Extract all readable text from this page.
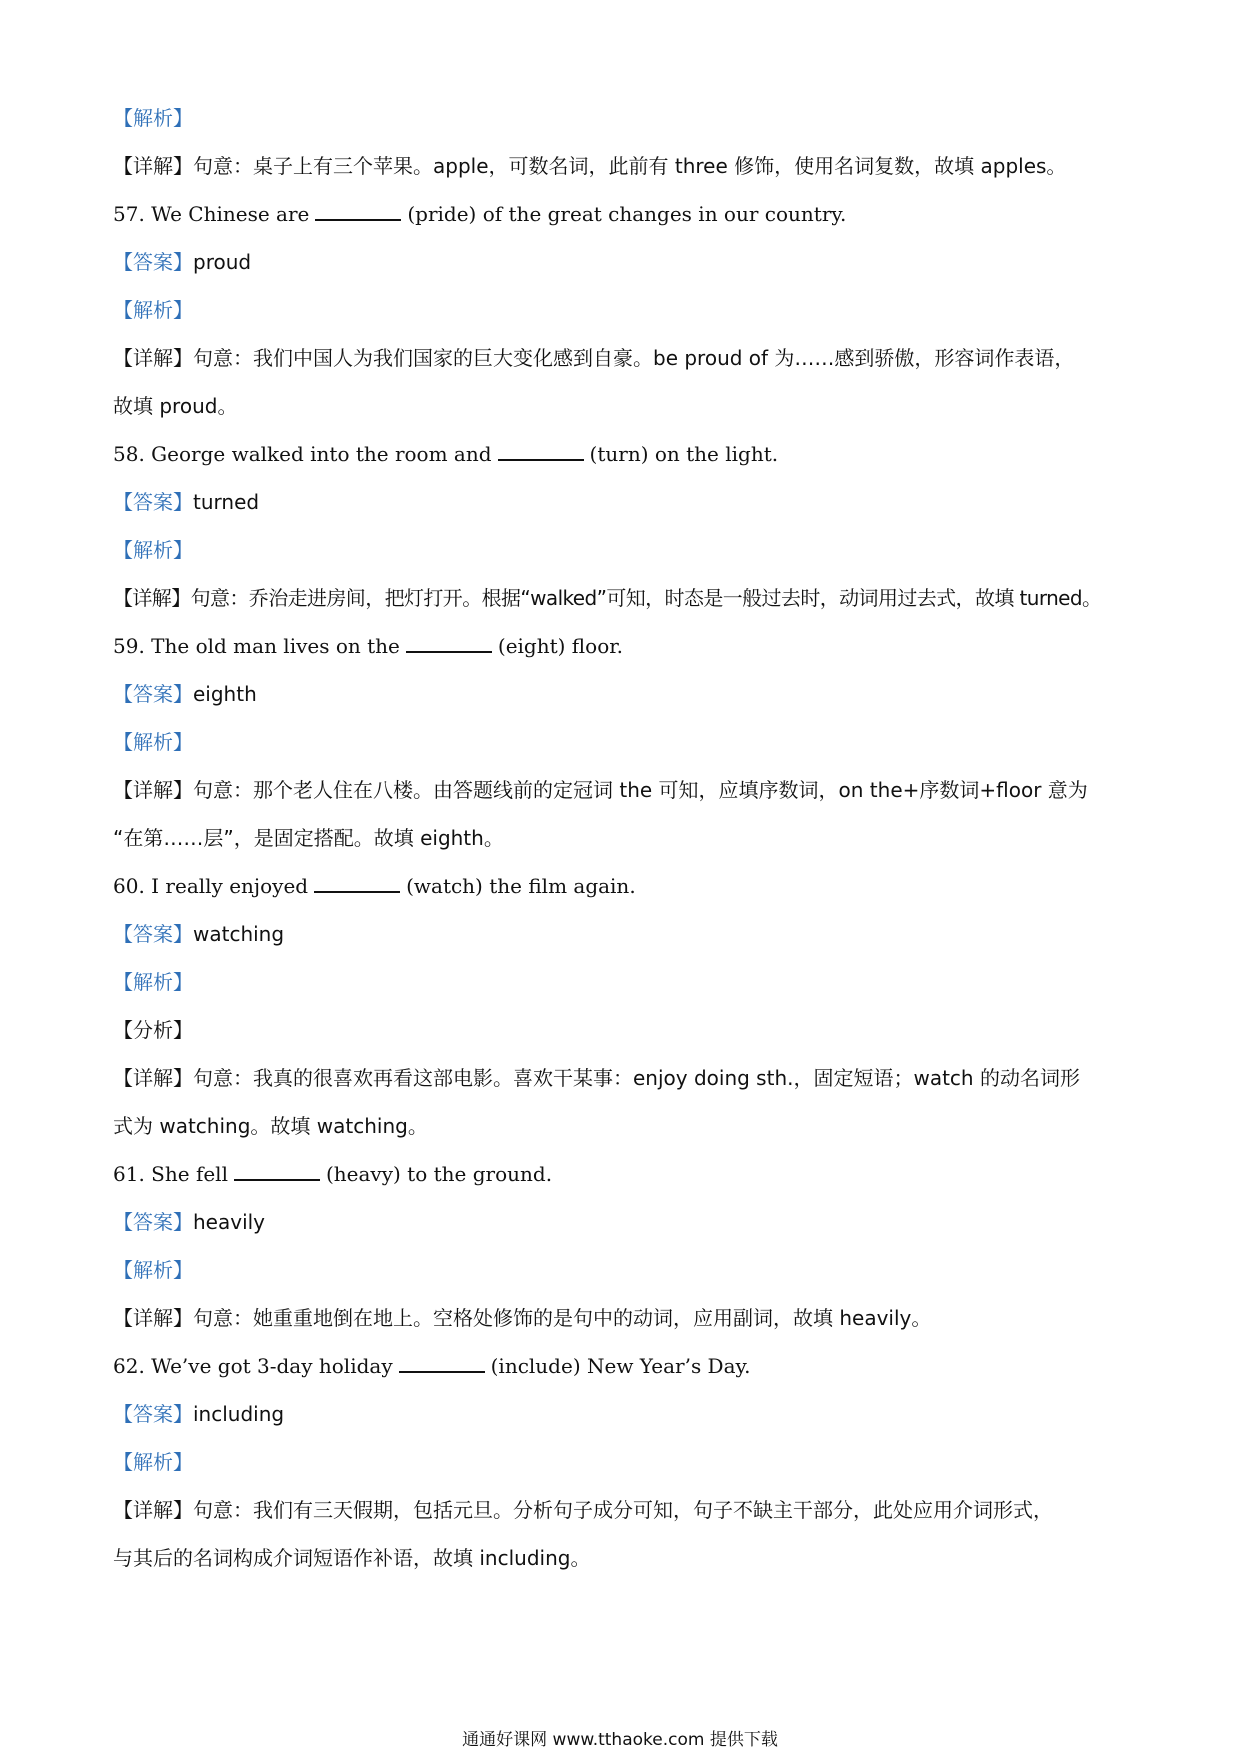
【解析】
【详解】句意：桌子上有三个苹果。apple，可数名词，此前有 three 修饰，使用名词复数，故填 apples。
57. We Chinese are	(pride) of the great changes in our country.
【答案】proud
【解析】
【详解】句意：我们中国人为我们国家的巨大变化感到自豪。be proud of 为……感到骄傲，形容词作表语，
故填 proud。
58. George walked into the room and	(turn) on the light.
【答案】turned
【解析】
【详解】句意：乔治走进房间，把灯打开。根据“walked”可知，时态是一般过去时，动词用过去式，故填 turned。
59. The old man lives on the	(eight) floor.
【答案】eighth
【解析】
【详解】句意：那个老人住在八楼。由答题线前的定冠词 the 可知，应填序数词，on the+序数词+floor 意为
“在第……层”，是固定搭配。故填 eighth。
60. I really enjoyed	(watch) the film again.
【答案】watching
【解析】
【分析】
【详解】句意：我真的很喜欢再看这部电影。喜欢干某事：enjoy doing sth.，固定短语；watch 的动名词形
式为 watching。故填 watching。
61. She fell	(heavy) to the ground.
【答案】heavily
【解析】
【详解】句意：她重重地倒在地上。空格处修饰的是句中的动词，应用副词，故填 heavily。
62. We’ve got 3-day holiday	(include) New Year’s Day.
【答案】including
【解析】
【详解】句意：我们有三天假期，包括元旦。分析句子成分可知，句子不缺主干部分，此处应用介词形式，
与其后的名词构成介词短语作补语，故填 including。
通通好课网 www.tthaoke.com 提供下载
